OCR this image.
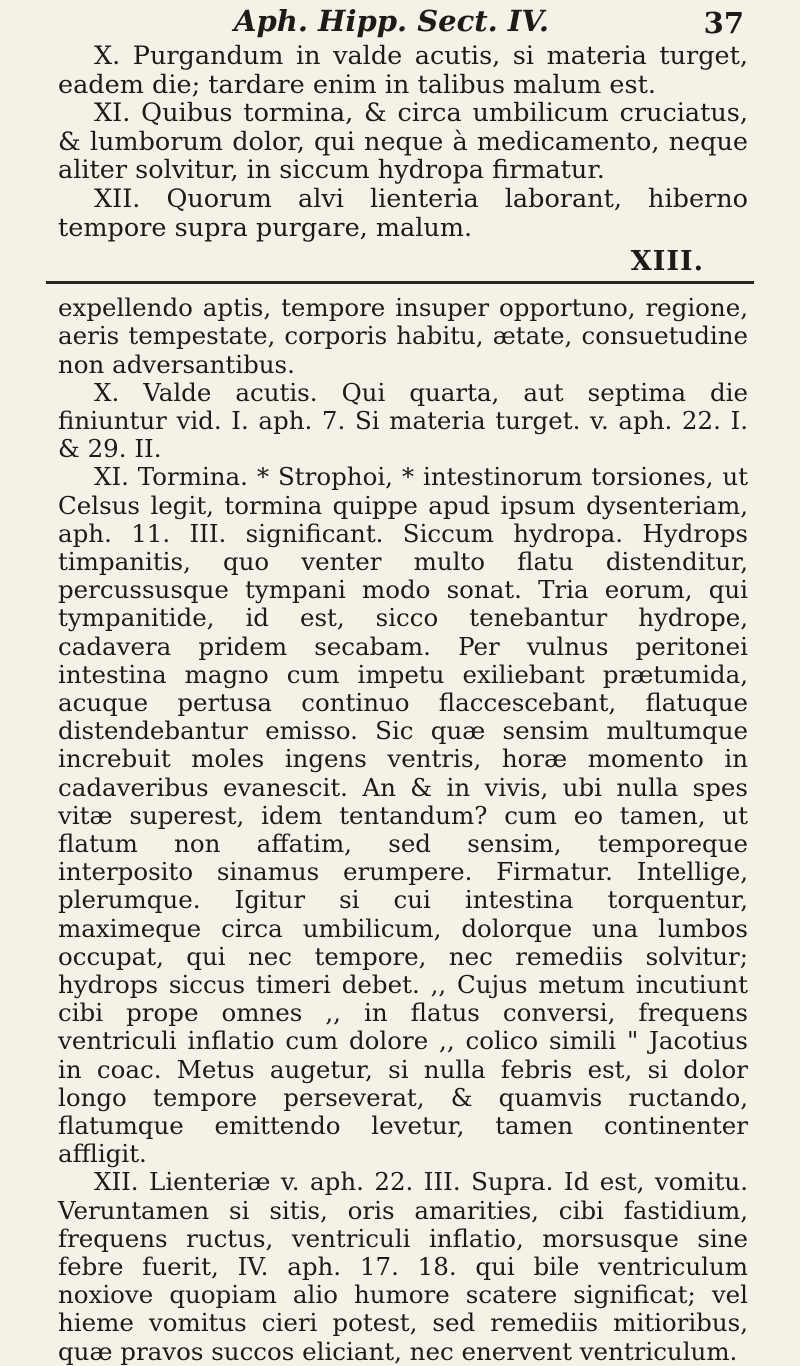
Aph. Hipp. Sect. IV.	37

X. Purgandum in valde acutis, si materia turget, eadem die; tardare enim in talibus malum est.

XI. Quibus tormina, & circa umbilicum cruciatus, & lumborum dolor, qui neque à medicamento, neque aliter solvitur, in siccum hydropa firmatur.

XII. Quorum alvi lienteria laborant, hiberno tempore supra purgare, malum.

XIII.

expellendo aptis, tempore insuper opportuno, regione, aeris tempestate, corporis habitu, ætate, consuetudine non adversantibus.

X. Valde acutis. Qui quarta, aut septima die finiuntur vid. I. aph. 7. Si materia turget. v. aph. 22. I. & 29. II.

XI. Tormina. * Strophoi, * intestinorum torsiones, ut Celsus legit, tormina quippe apud ipsum dysenteriam, aph. 11. III. significant. Siccum hydropa. Hydrops timpanitis, quo venter multo flatu distenditur, percussusque tympani modo sonat. Tria eorum, qui tympanitide, id est, sicco tenebantur hydrope, cadavera pridem secabam. Per vulnus peritonei intestina magno cum impetu exiliebant prætumida, acuque pertusa continuo flaccescebant, flatuque distendebantur emisso. Sic quæ sensim multumque increbuit moles ingens ventris, horæ momento in cadaveribus evanescit. An & in vivis, ubi nulla spes vitæ superest, idem tentandum? cum eo tamen, ut flatum non affatim, sed sensim, temporeque interposito sinamus erumpere. Firmatur. Intellige, plerumque. Igitur si cui intestina torquentur, maximeque circa umbilicum, dolorque una lumbos occupat, qui nec tempore, nec remediis solvitur; hydrops siccus timeri debet. ,, Cujus metum incutiunt cibi prope omnes ,, in flatus conversi, frequens ventriculi inflatio cum dolore ,, colico simili " Jacotius in coac. Metus augetur, si nulla febris est, si dolor longo tempore perseverat, & quamvis ructando, flatumque emittendo levetur, tamen continenter affligit.

XII. Lienteriæ v. aph. 22. III. Supra. Id est, vomitu. Veruntamen si sitis, oris amarities, cibi fastidium, frequens ructus, ventriculi inflatio, morsusque sine febre fuerit, IV. aph. 17. 18. qui bile ventriculum noxiove quopiam alio humore scatere significat; vel hieme vomitus cieri potest, sed remediis mitioribus, quæ pravos succos eliciant, nec enervent ventriculum.
